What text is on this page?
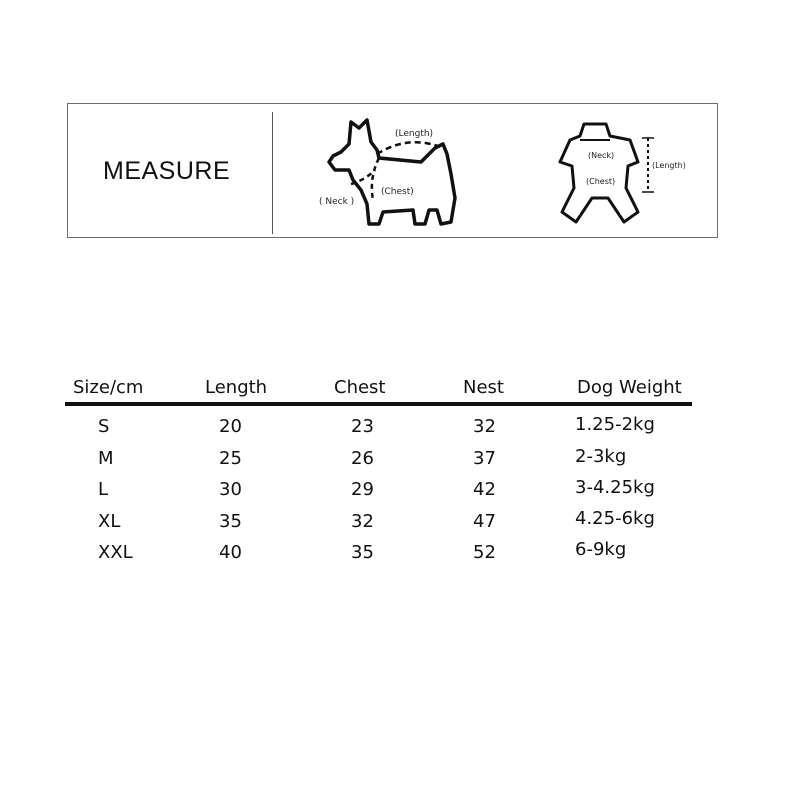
MEASURE
(Length)
( Neck )
(Chest)
(Neck)
(Chest)
(Length)
Size/cm	Length	Chest	Nest	Dog Weight
S	20	23	32	1.25-2kg
M	25	26	37	2-3kg
L	30	29	42	3-4.25kg
XL	35	32	47	4.25-6kg
XXL	40	35	52	6-9kg
